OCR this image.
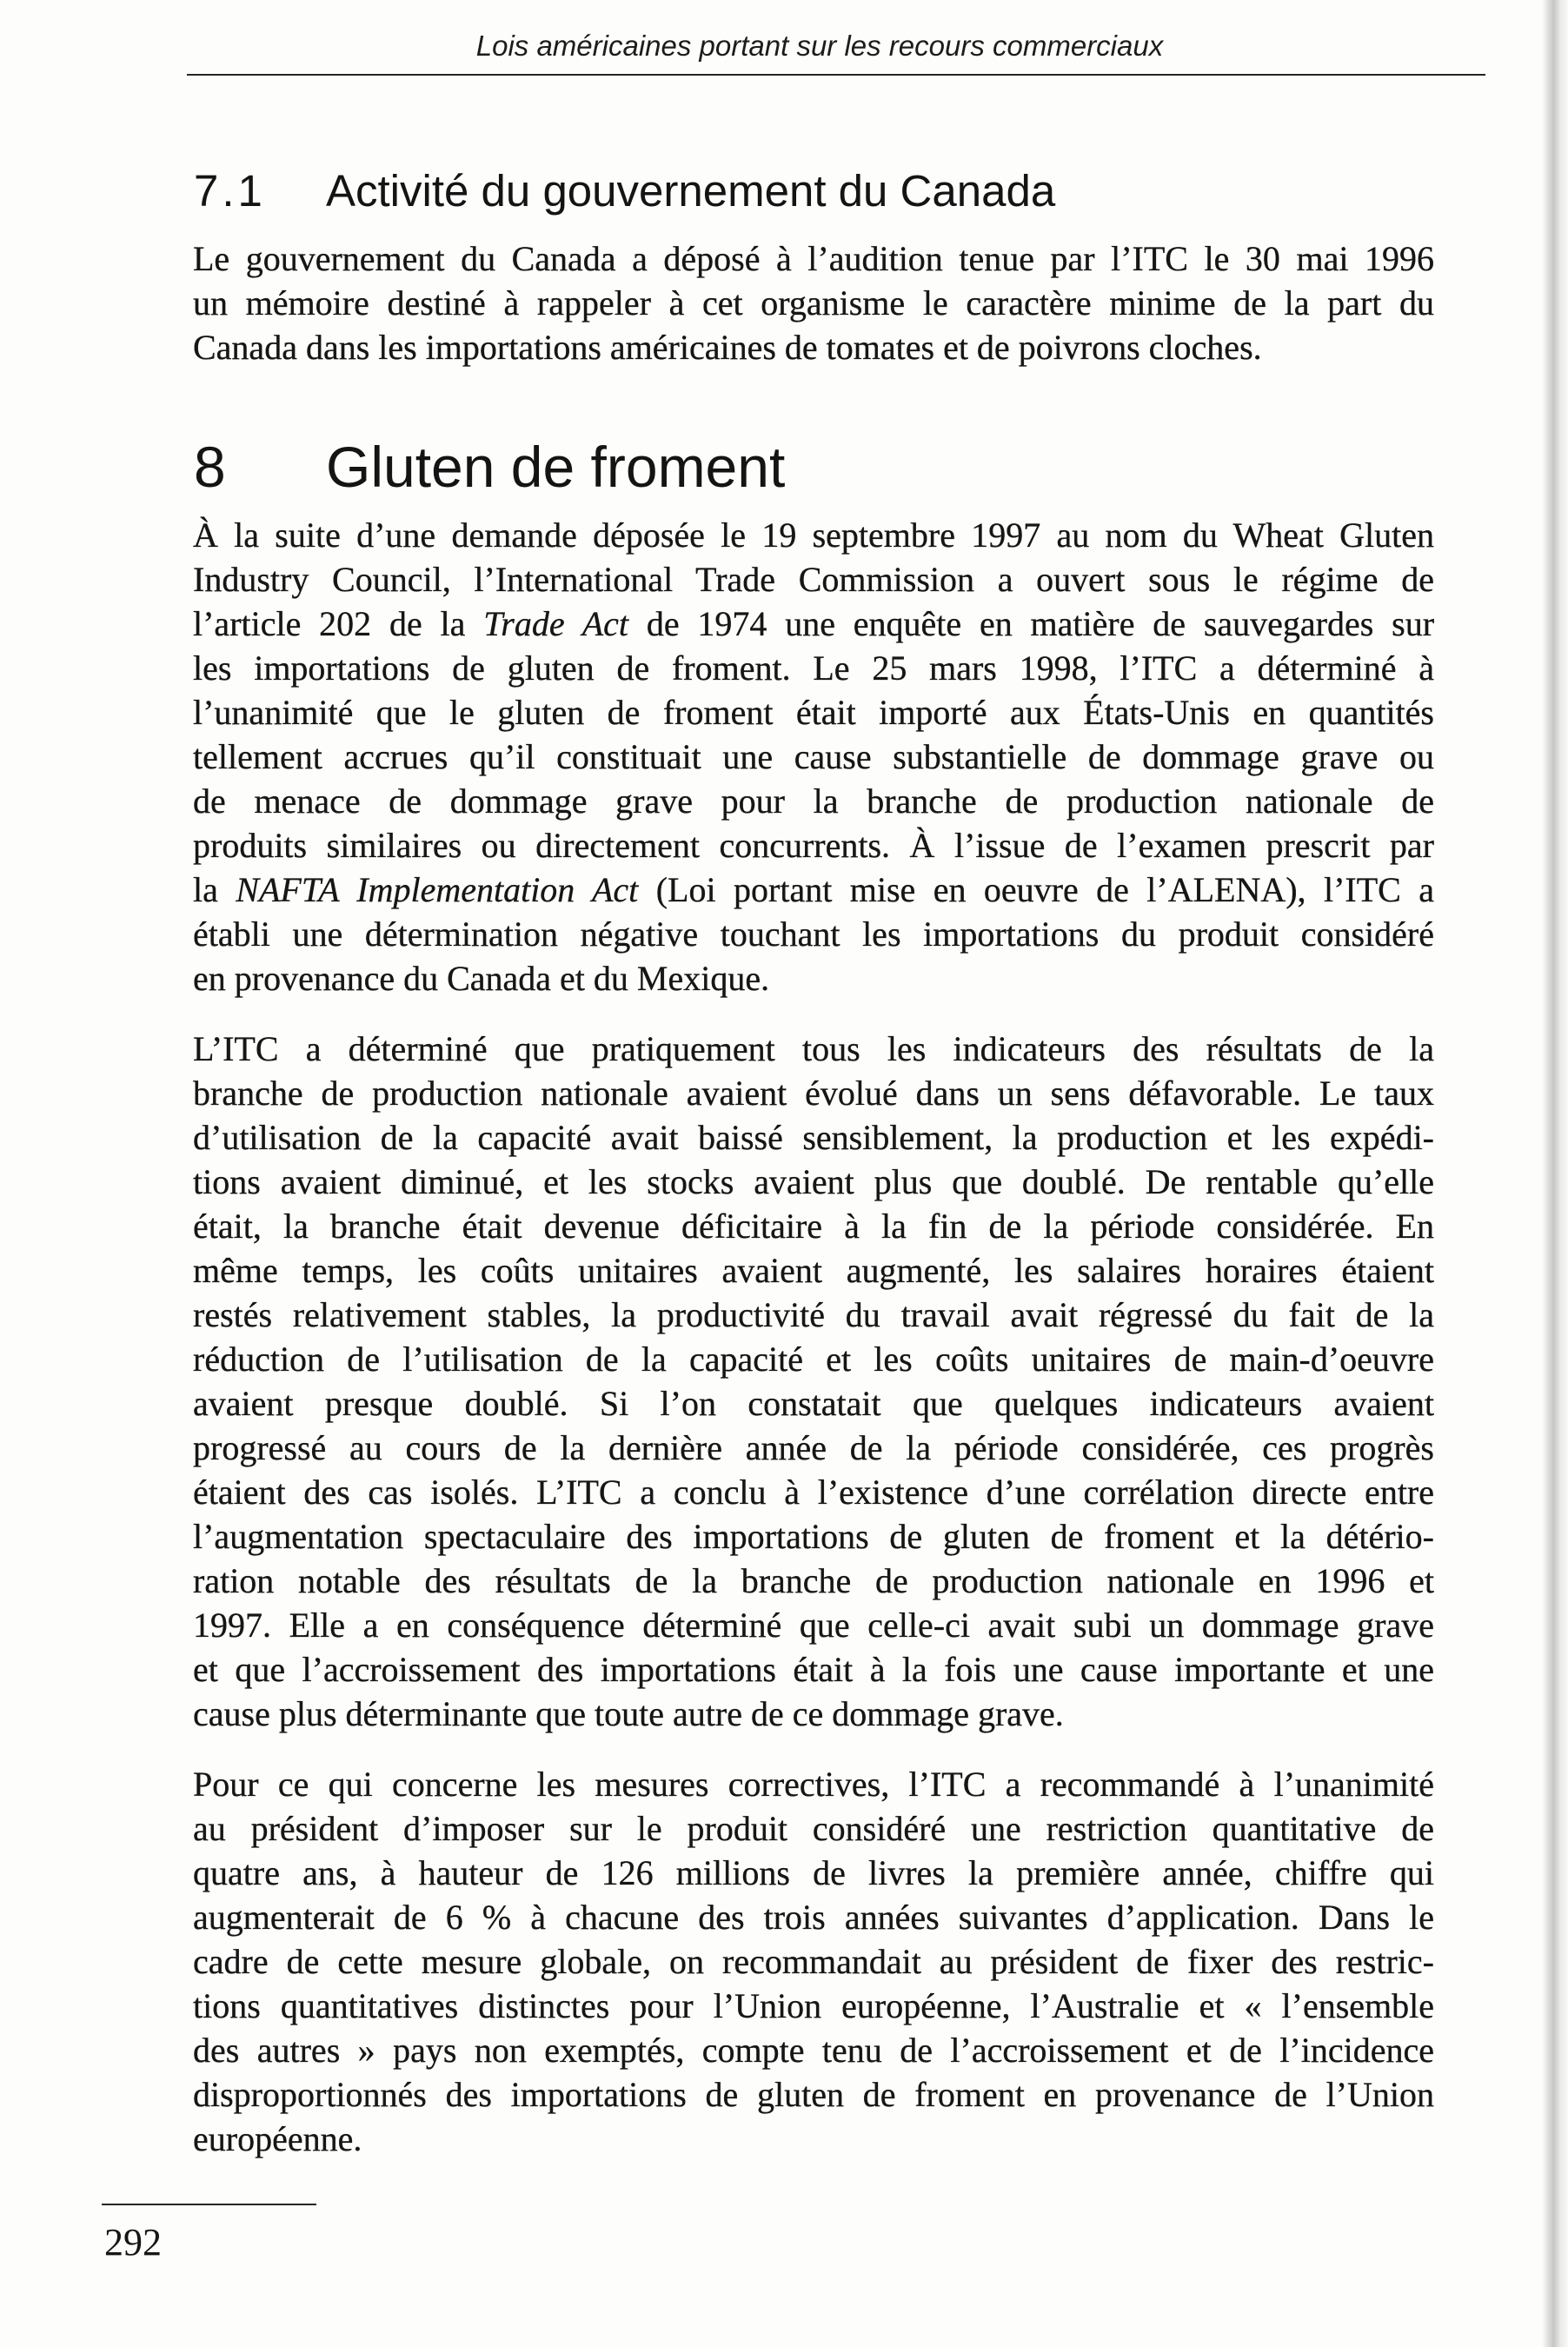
Lois américaines portant sur les recours commerciaux
7.1 Activité du gouvernement du Canada
Le gouvernement du Canada a déposé à l’audition tenue par l’ITC le 30 mai 1996
un mémoire destiné à rappeler à cet organisme le caractère minime de la part du
Canada dans les importations américaines de tomates et de poivrons cloches.
8 Gluten de froment
À la suite d’une demande déposée le 19 septembre 1997 au nom du Wheat Gluten
Industry Council, l’International Trade Commission a ouvert sous le régime de
l’article 202 de la Trade Act de 1974 une enquête en matière de sauvegardes sur
les importations de gluten de froment. Le 25 mars 1998, l’ITC a déterminé à
l’unanimité que le gluten de froment était importé aux États-Unis en quantités
tellement accrues qu’il constituait une cause substantielle de dommage grave ou
de menace de dommage grave pour la branche de production nationale de
produits similaires ou directement concurrents. À l’issue de l’examen prescrit par
la NAFTA Implementation Act (Loi portant mise en oeuvre de l’ALENA), l’ITC a
établi une détermination négative touchant les importations du produit considéré
en provenance du Canada et du Mexique.
L’ITC a déterminé que pratiquement tous les indicateurs des résultats de la
branche de production nationale avaient évolué dans un sens défavorable. Le taux
d’utilisation de la capacité avait baissé sensiblement, la production et les expédi-
tions avaient diminué, et les stocks avaient plus que doublé. De rentable qu’elle
était, la branche était devenue déficitaire à la fin de la période considérée. En
même temps, les coûts unitaires avaient augmenté, les salaires horaires étaient
restés relativement stables, la productivité du travail avait régressé du fait de la
réduction de l’utilisation de la capacité et les coûts unitaires de main-d’oeuvre
avaient presque doublé. Si l’on constatait que quelques indicateurs avaient
progressé au cours de la dernière année de la période considérée, ces progrès
étaient des cas isolés. L’ITC a conclu à l’existence d’une corrélation directe entre
l’augmentation spectaculaire des importations de gluten de froment et la détério-
ration notable des résultats de la branche de production nationale en 1996 et
1997. Elle a en conséquence déterminé que celle-ci avait subi un dommage grave
et que l’accroissement des importations était à la fois une cause importante et une
cause plus déterminante que toute autre de ce dommage grave.
Pour ce qui concerne les mesures correctives, l’ITC a recommandé à l’unanimité
au président d’imposer sur le produit considéré une restriction quantitative de
quatre ans, à hauteur de 126 millions de livres la première année, chiffre qui
augmenterait de 6 % à chacune des trois années suivantes d’application. Dans le
cadre de cette mesure globale, on recommandait au président de fixer des restric-
tions quantitatives distinctes pour l’Union européenne, l’Australie et « l’ensemble
des autres » pays non exemptés, compte tenu de l’accroissement et de l’incidence
disproportionnés des importations de gluten de froment en provenance de l’Union
européenne.
292
